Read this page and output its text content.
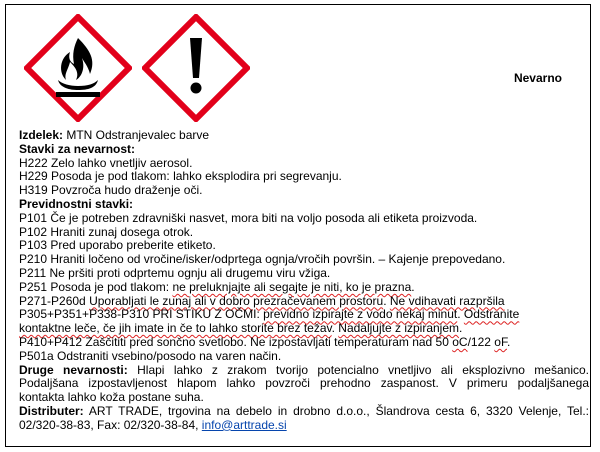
Nevarno
Izdelek: MTN Odstranjevalec barve
Stavki za nevarnost:
H222 Zelo lahko vnetljiv aerosol.
H229 Posoda je pod tlakom: lahko eksplodira pri segrevanju.
H319 Povzroča hudo draženje oči.
Previdnostni stavki:
P101 Če je potreben zdravniški nasvet, mora biti na voljo posoda ali etiketa proizvoda.
P102 Hraniti zunaj dosega otrok.
P103 Pred uporabo preberite etiketo.
P210 Hraniti ločeno od vročine/isker/odprtega ognja/vročih površin. – Kajenje prepovedano.
P211 Ne pršiti proti odprtemu ognju ali drugemu viru vžiga.
P251 Posoda je pod tlakom: ne preluknjajte ali segajte je niti, ko je prazna.
P271-P260d Uporabljati le zunaj ali v dobro prezračevanem prostoru. Ne vdihavati razpršila
P305+P351+P338-P310 PRI STIKU Z OČMI: previdno izpirajte z vodo nekaj minut. Odstranite
kontaktne leče, če jih imate in če to lahko storite brez težav. Nadaljujte z izpiranjem.
P410+P412 Zaščititi pred sončno svetlobo. Ne izpostavljati temperaturam nad 50 oC/122 oF.
P501a Odstraniti vsebino/posodo na varen način.
Druge nevarnosti: Hlapi lahko z zrakom tvorijo potencialno vnetljivo ali eksplozivno mešanico.
Podaljšana izpostavljenost hlapom lahko povzroči prehodno zaspanost. V primeru podaljšanega
kontakta lahko koža postane suha.
Distributer: ART TRADE, trgovina na debelo in drobno d.o.o., Šlandrova cesta 6, 3320 Velenje, Tel.:
02/320-38-83, Fax: 02/320-38-84, info@arttrade.si
